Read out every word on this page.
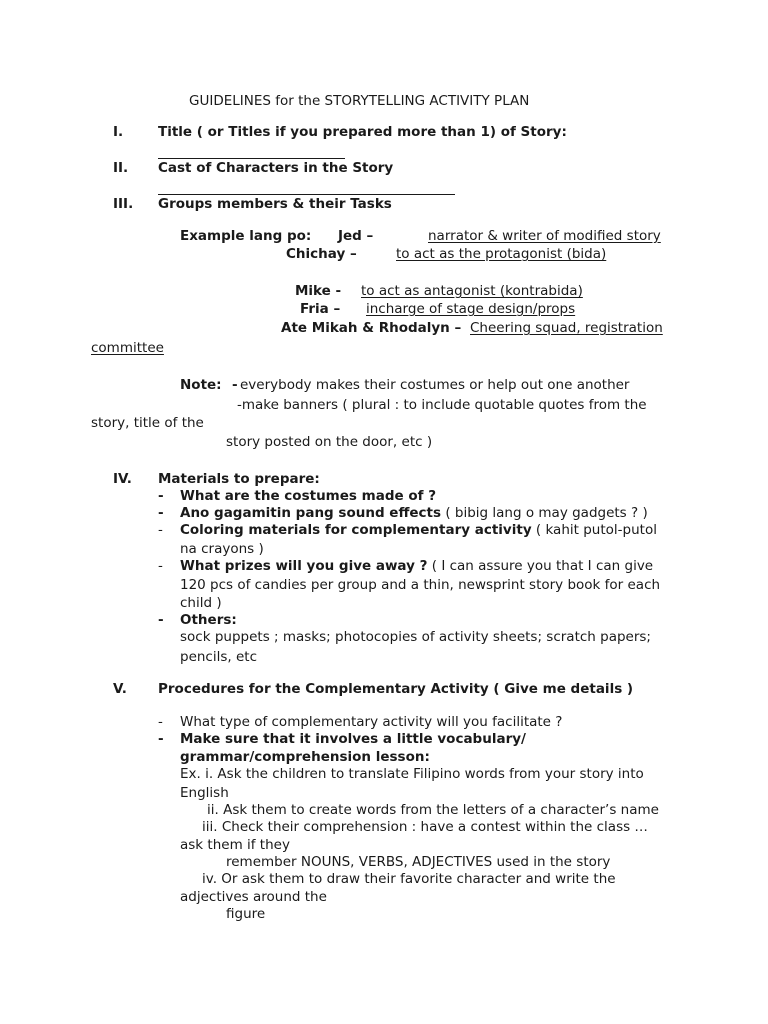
GUIDELINES for the STORYTELLING ACTIVITY PLAN
I.	Title ( or Titles if you prepared more than 1) of Story:
II. Cast of Characters in the Story
III. Groups members & their Tasks
Example lang po: Jed –	narrator & writer of modified story
Chichay –	to act as the protagonist (bida)
Mike - to act as antagonist (kontrabida)
Fria – incharge of stage design/props
Ate Mikah & Rhodalyn – Cheering squad, registration
committee
Note: - everybody makes their costumes or help out one another
-make banners ( plural : to include quotable quotes from the
story, title of the
story posted on the door, etc )
IV. Materials to prepare:
- What are the costumes made of ?
- Ano gagamitin pang sound effects ( bibig lang o may gadgets ? )
- Coloring materials for complementary activity ( kahit putol-putol
na crayons )
- What prizes will you give away ? ( I can assure you that I can give
120 pcs of candies per group and a thin, newsprint story book for each
child )
- Others:
sock puppets ; masks; photocopies of activity sheets; scratch papers;
pencils, etc
V. Procedures for the Complementary Activity ( Give me details )
- What type of complementary activity will you facilitate ?
- Make sure that it involves a little vocabulary/
grammar/comprehension lesson:
Ex. i. Ask the children to translate Filipino words from your story into
English
ii. Ask them to create words from the letters of a character’s name
iii. Check their comprehension : have a contest within the class …
ask them if they
remember NOUNS, VERBS, ADJECTIVES used in the story
iv. Or ask them to draw their favorite character and write the
adjectives around the
figure
